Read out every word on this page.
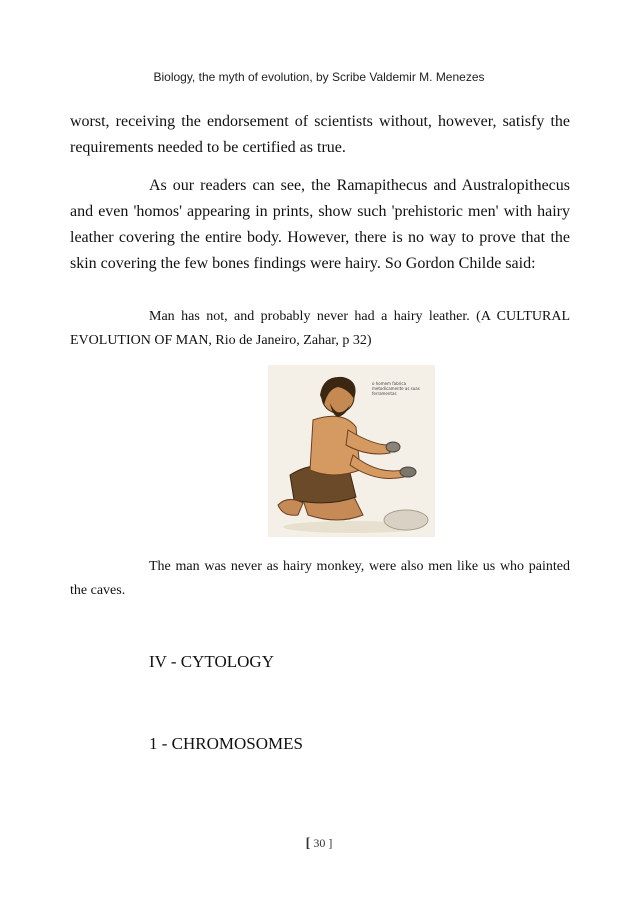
Biology, the myth of evolution, by Scribe Valdemir M. Menezes
worst, receiving the endorsement of scientists without, however, satisfy the requirements needed to be certified as true.
As our readers can see, the Ramapithecus and Australopithecus and even 'homos' appearing in prints, show such 'prehistoric men' with hairy leather covering the entire body. However, there is no way to prove that the skin covering the few bones findings were hairy. So Gordon Childe said:
Man has not, and probably never had a hairy leather. (A CULTURAL EVOLUTION OF MAN, Rio de Janeiro, Zahar, p 32)
o homem fabrica metodicamente as suas ferramentas
The man was never as hairy monkey, were also men like us who painted the caves.
IV - CYTOLOGY
1 - CHROMOSOMES
[ 30 ]
